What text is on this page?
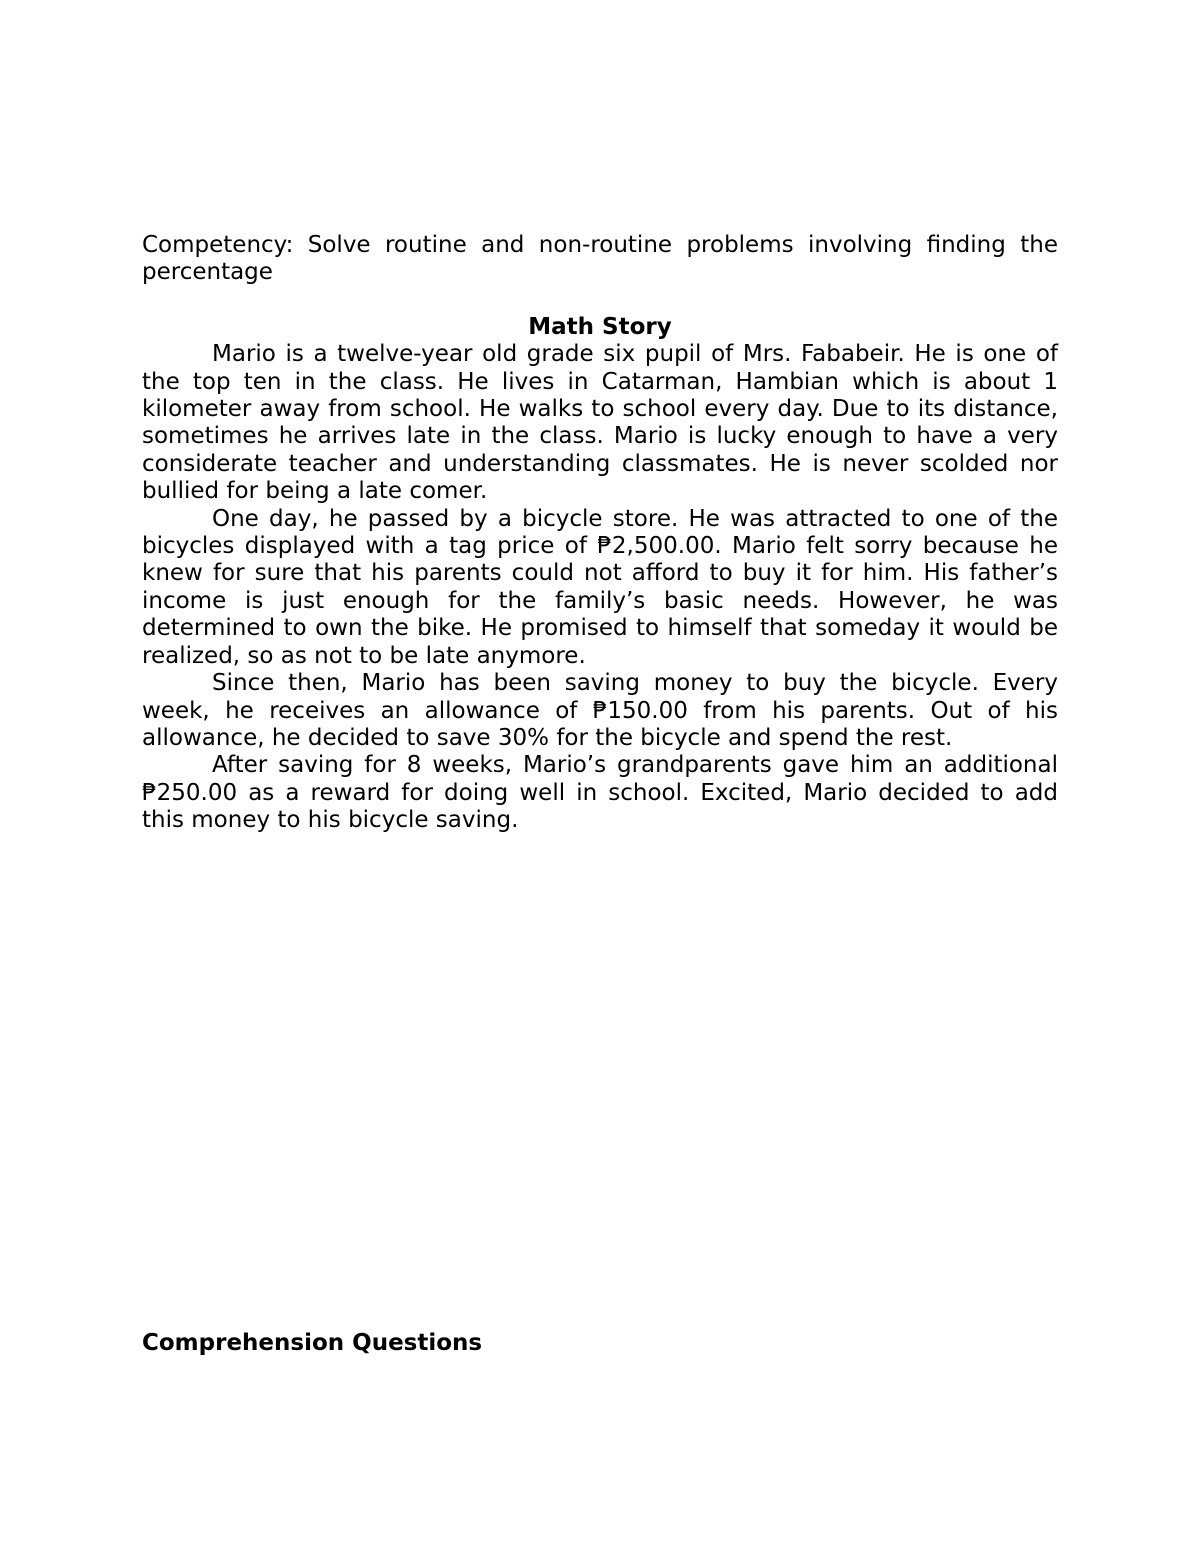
Competency: Solve routine and non-routine problems involving finding the percentage

Math Story

Mario is a twelve-year old grade six pupil of Mrs. Fababeir. He is one of the top ten in the class. He lives in Catarman, Hambian which is about 1 kilometer away from school. He walks to school every day. Due to its distance, sometimes he arrives late in the class. Mario is lucky enough to have a very considerate teacher and understanding classmates. He is never scolded nor bullied for being a late comer.

One day, he passed by a bicycle store. He was attracted to one of the bicycles displayed with a tag price of ₱2,500.00. Mario felt sorry because he knew for sure that his parents could not afford to buy it for him. His father’s income is just enough for the family’s basic needs. However, he was determined to own the bike. He promised to himself that someday it would be realized, so as not to be late anymore.

Since then, Mario has been saving money to buy the bicycle. Every week, he receives an allowance of ₱150.00 from his parents. Out of his allowance, he decided to save 30% for the bicycle and spend the rest.

After saving for 8 weeks, Mario’s grandparents gave him an additional ₱250.00 as a reward for doing well in school. Excited, Mario decided to add this money to his bicycle saving.

Comprehension Questions
